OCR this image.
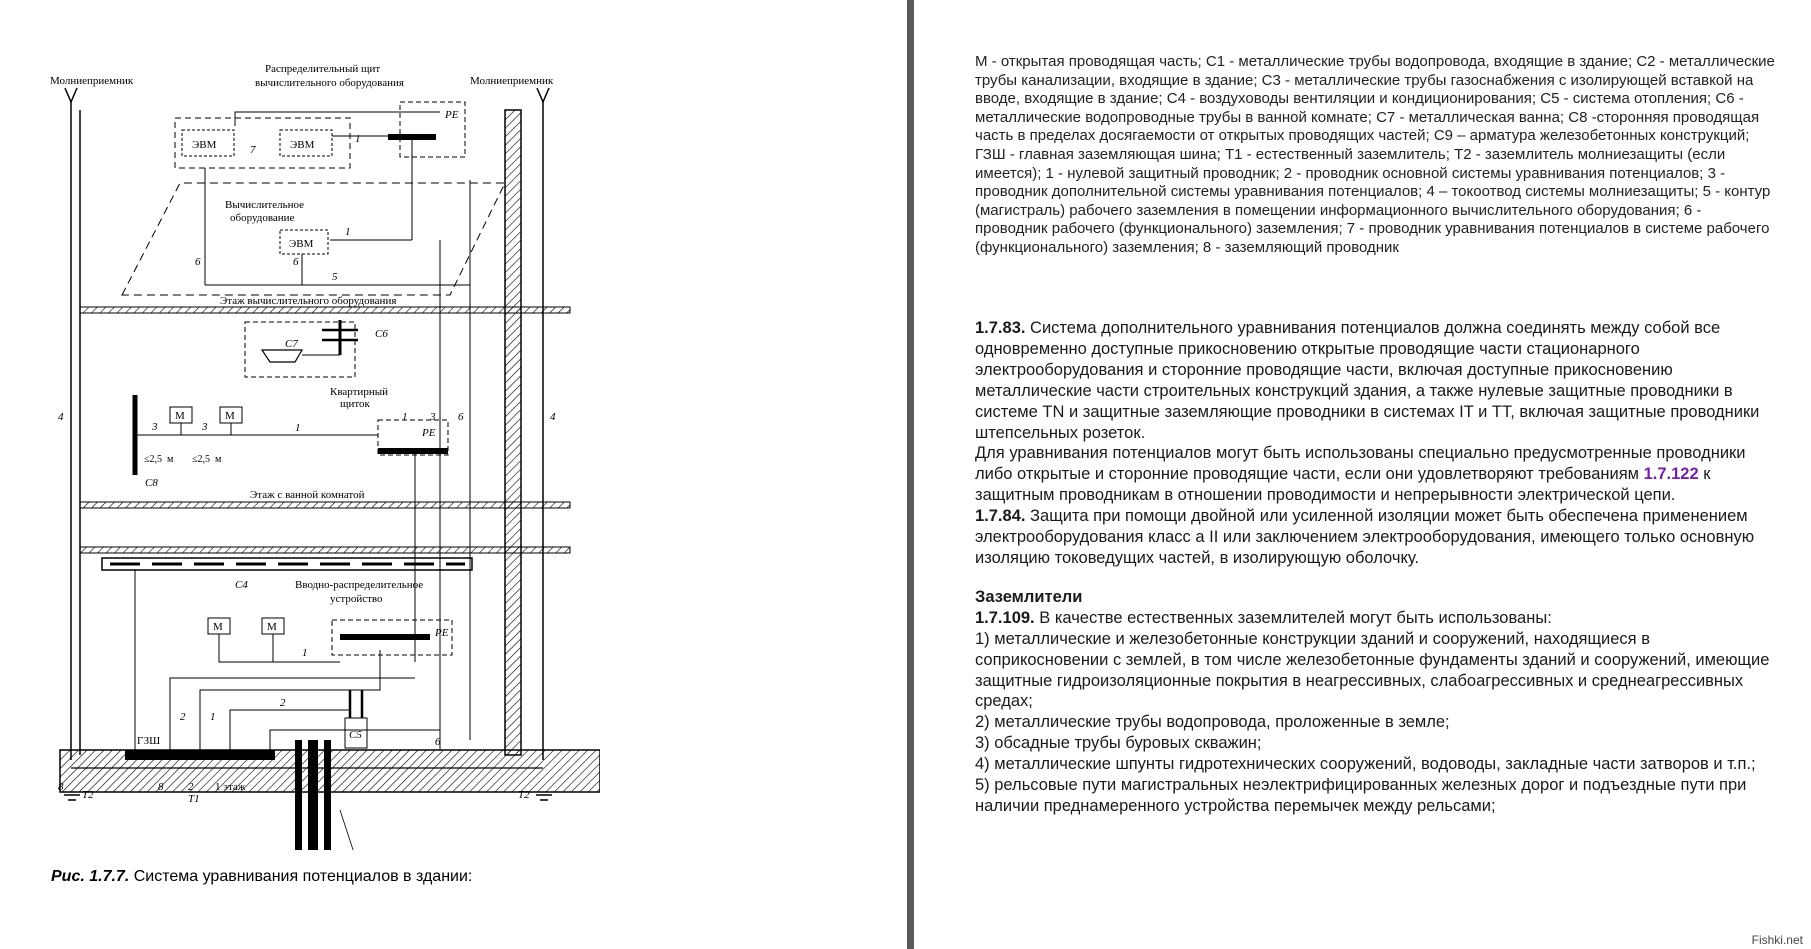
Молниеприемник	Молниеприемник
Распределительный щит
вычислительного оборудования
ЭВМ	7	ЭВМ	1
PE
Вычислительное
оборудование
ЭВМ
1
6	6
5
Этаж вычислительного оборудования
C6
C7
Квартирный
щиток
PE
C8
M	M
3	3	1
≤2,5 м ≤2,5 м
Этаж с ванной комнатой
1 3 6
4	4
C4	Вводно-распределительное
устройство
PE
M	M
1
C5
ГЗШ
2 1
2
6
8	8 2 1 этаж
T2	T1	T2
Рис. 1.7.7. Система уравнивания потенциалов в здании:
M - открытая проводящая часть; C1 - металлические трубы водопровода, входящие в здание; C2 - металлические трубы канализации, входящие в здание; C3 - металлические трубы газоснабжения с изолирующей вставкой на вводе, входящие в здание; C4 - воздуховоды вентиляции и кондиционирования; C5 - система отопления; C6 - металлические водопроводные трубы в ванной комнате; C7 - металлическая ванна; C8 -сторонняя проводящая часть в пределах досягаемости от открытых проводящих частей; C9 – арматура железобетонных конструкций; ГЗШ - главная заземляющая шина; T1 - естественный заземлитель; T2 - заземлитель молниезащиты (если имеется); 1 - нулевой защитный проводник; 2 - проводник основной системы уравнивания потенциалов; 3 - проводник дополнительной системы уравнивания потенциалов; 4 – токоотвод системы молниезащиты; 5 - контур (магистраль) рабочего заземления в помещении информационного вычислительного оборудования; 6 - проводник рабочего (функционального) заземления; 7 - проводник уравнивания потенциалов в системе рабочего (функционального) заземления; 8 - заземляющий проводник

1.7.83. Система дополнительного уравнивания потенциалов должна соединять между собой все одновременно доступные прикосновению открытые проводящие части стационарного электрооборудования и сторонние проводящие части, включая доступные прикосновению металлические части строительных конструкций здания, а также нулевые защитные проводники в системе TN и защитные заземляющие проводники в системах IT и TT, включая защитные проводники штепсельных розеток.

Для уравнивания потенциалов могут быть использованы специально предусмотренные проводники либо открытые и сторонние проводящие части, если они удовлетворяют требованиям 1.7.122 к защитным проводникам в отношении проводимости и непрерывности электрической цепи.

1.7.84. Защита при помощи двойной или усиленной изоляции может быть обеспечена применением электрооборудования класс а II или заключением электрооборудования, имеющего только основную изоляцию токоведущих частей, в изолирующую оболочку.

Заземлители

1.7.109. В качестве естественных заземлителей могут быть использованы:

1) металлические и железобетонные конструкции зданий и сооружений, находящиеся в соприкосновении с землей, в том числе железобетонные фундаменты зданий и сооружений, имеющие защитные гидроизоляционные покрытия в неагрессивных, слабоагрессивных и среднеагрессивных средах;

2) металлические трубы водопровода, проложенные в земле;

3) обсадные трубы буровых скважин;

4) металлические шпунты гидротехнических сооружений, водоводы, закладные части затворов и т.п.;

5) рельсовые пути магистральных неэлектрифицированных железных дорог и подъездные пути при наличии преднамеренного устройства перемычек между рельсами;

Fishki.net
